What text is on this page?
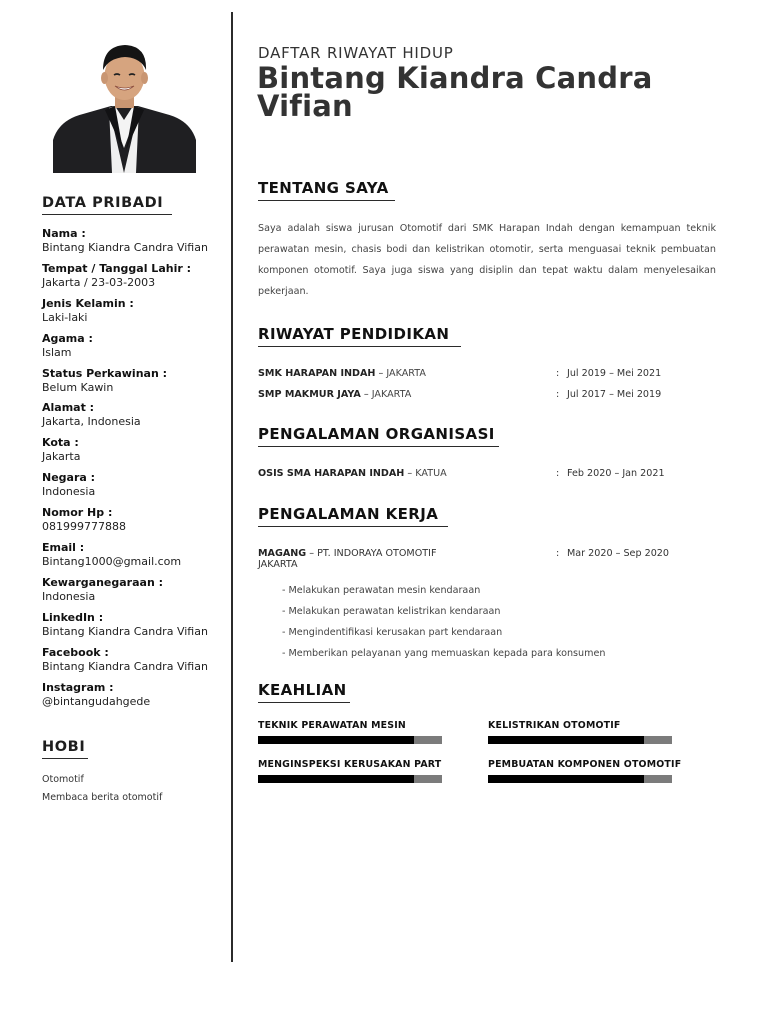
DATA PRIBADI
Nama :
Bintang Kiandra Candra Vifian
Tempat / Tanggal Lahir :
Jakarta / 23-03-2003
Jenis Kelamin :
Laki-laki
Agama :
Islam
Status Perkawinan :
Belum Kawin
Alamat :
Jakarta, Indonesia
Kota :
Jakarta
Negara :
Indonesia
Nomor Hp :
081999777888
Email :
Bintang1000@gmail.com
Kewarganegaraan :
Indonesia
LinkedIn :
Bintang Kiandra Candra Vifian
Facebook :
Bintang Kiandra Candra Vifian
Instagram :
@bintangudahgede
HOBI
Otomotif
Membaca berita otomotif
DAFTAR RIWAYAT HIDUP
Bintang Kiandra Candra Vifian
TENTANG SAYA

Saya adalah siswa jurusan Otomotif dari SMK Harapan Indah dengan kemampuan teknik perawatan mesin, chasis bodi dan kelistrikan otomotir, serta menguasai teknik pembuatan komponen otomotif. Saya juga siswa yang disiplin dan tepat waktu dalam menyelesaikan pekerjaan.

RIWAYAT PENDIDIKAN
SMK HARAPAN INDAH – JAKARTA	: Jul 2019 – Mei 2021
SMP MAKMUR JAYA – JAKARTA	: Jul 2017 – Mei 2019
PENGALAMAN ORGANISASI
OSIS SMA HARAPAN INDAH – KATUA	: Feb 2020 – Jan 2021
PENGALAMAN KERJA
MAGANG – PT. INDORAYA OTOMOTIF
JAKARTA
: Mar 2020 – Sep 2020
- Melakukan perawatan mesin kendaraan
- Melakukan perawatan kelistrikan kendaraan
- Mengindentifikasi kerusakan part kendaraan
- Memberikan pelayanan yang memuaskan kepada para konsumen
KEAHLIAN
TEKNIK PERAWATAN MESIN	KELISTRIKAN OTOMOTIF
MENGINSPEKSI KERUSAKAN PART	PEMBUATAN KOMPONEN OTOMOTIF
